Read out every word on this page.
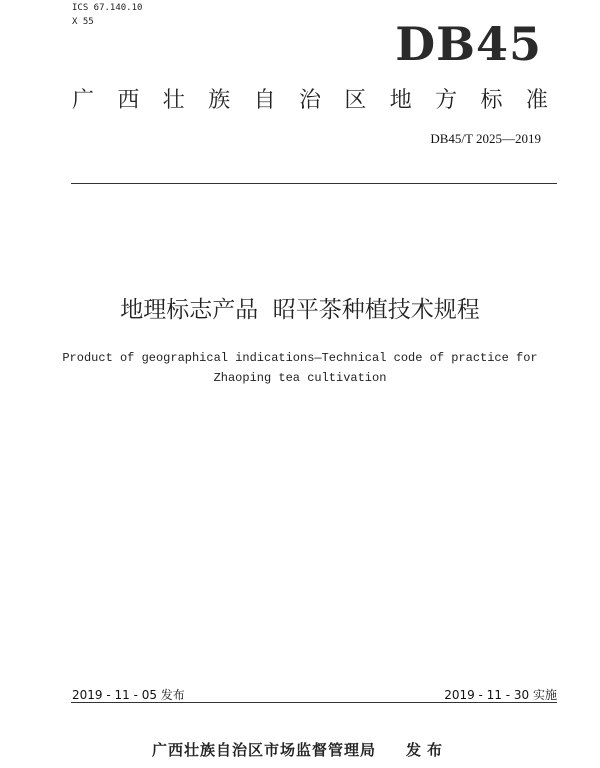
ICS 67.140.10
X 55	DB45
广 西 壮 族 自 治 区 地 方 标 准
DB45/T 2025—2019
地理标志产品  昭平茶种植技术规程
Product of geographical indications—Technical code of practice for
Zhaoping tea cultivation
2019 - 11 - 05 发布	2019 - 11 - 30 实施
广西壮族自治区市场监督管理局 发布
